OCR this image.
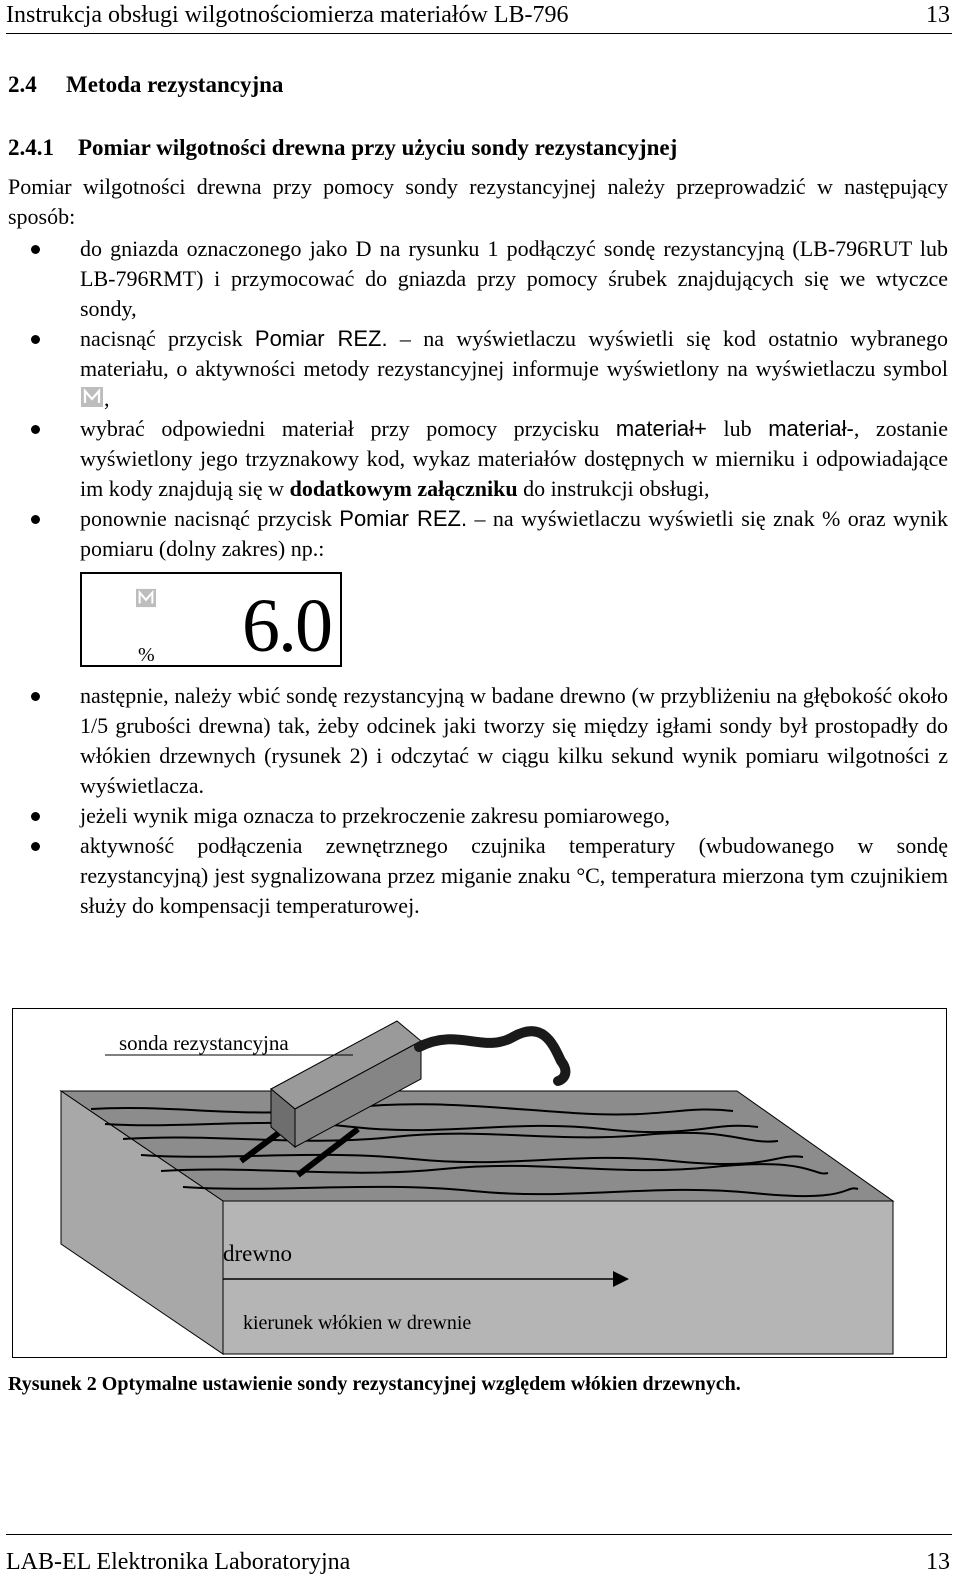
Instrukcja obsługi wilgotnościomierza materiałów LB-796	13
2.4 Metoda rezystancyjna
2.4.1 Pomiar wilgotności drewna przy użyciu sondy rezystancyjnej
Pomiar wilgotności drewna przy pomocy sondy rezystancyjnej należy przeprowadzić w następujący sposób:
do gniazda oznaczonego jako D na rysunku 1 podłączyć sondę rezystancyjną (LB-796RUT lub LB-796RMT) i przymocować do gniazda przy pomocy śrubek znajdujących się we wtyczce sondy,
nacisnąć przycisk Pomiar REZ. – na wyświetlaczu wyświetli się kod ostatnio wybranego materiału, o aktywności metody rezystancyjnej informuje wyświetlony na wyświetlaczu symbol ,
wybrać odpowiedni materiał przy pomocy przycisku materiał+ lub materiał-, zostanie wyświetlony jego trzyznakowy kod, wykaz materiałów dostępnych w mierniku i odpowiadające im kody znajdują się w dodatkowym załączniku do instrukcji obsługi,
ponownie nacisnąć przycisk Pomiar REZ. – na wyświetlaczu wyświetli się znak % oraz wynik pomiaru (dolny zakres) np.:
% 6.0
następnie, należy wbić sondę rezystancyjną w badane drewno (w przybliżeniu na głębokość około 1/5 grubości drewna) tak, żeby odcinek jaki tworzy się między igłami sondy był prostopadły do włókien drzewnych (rysunek 2) i odczytać w ciągu kilku sekund wynik pomiaru wilgotności z wyświetlacza.
jeżeli wynik miga oznacza to przekroczenie zakresu pomiarowego,
aktywność podłączenia zewnętrznego czujnika temperatury (wbudowanego w sondę rezystancyjną) jest sygnalizowana przez miganie znaku °C, temperatura mierzona tym czujnikiem służy do kompensacji temperaturowej.
sonda rezystancyjna
drewno
kierunek włókien w drewnie
Rysunek 2 Optymalne ustawienie sondy rezystancyjnej względem włókien drzewnych.
LAB-EL Elektronika Laboratoryjna	13
